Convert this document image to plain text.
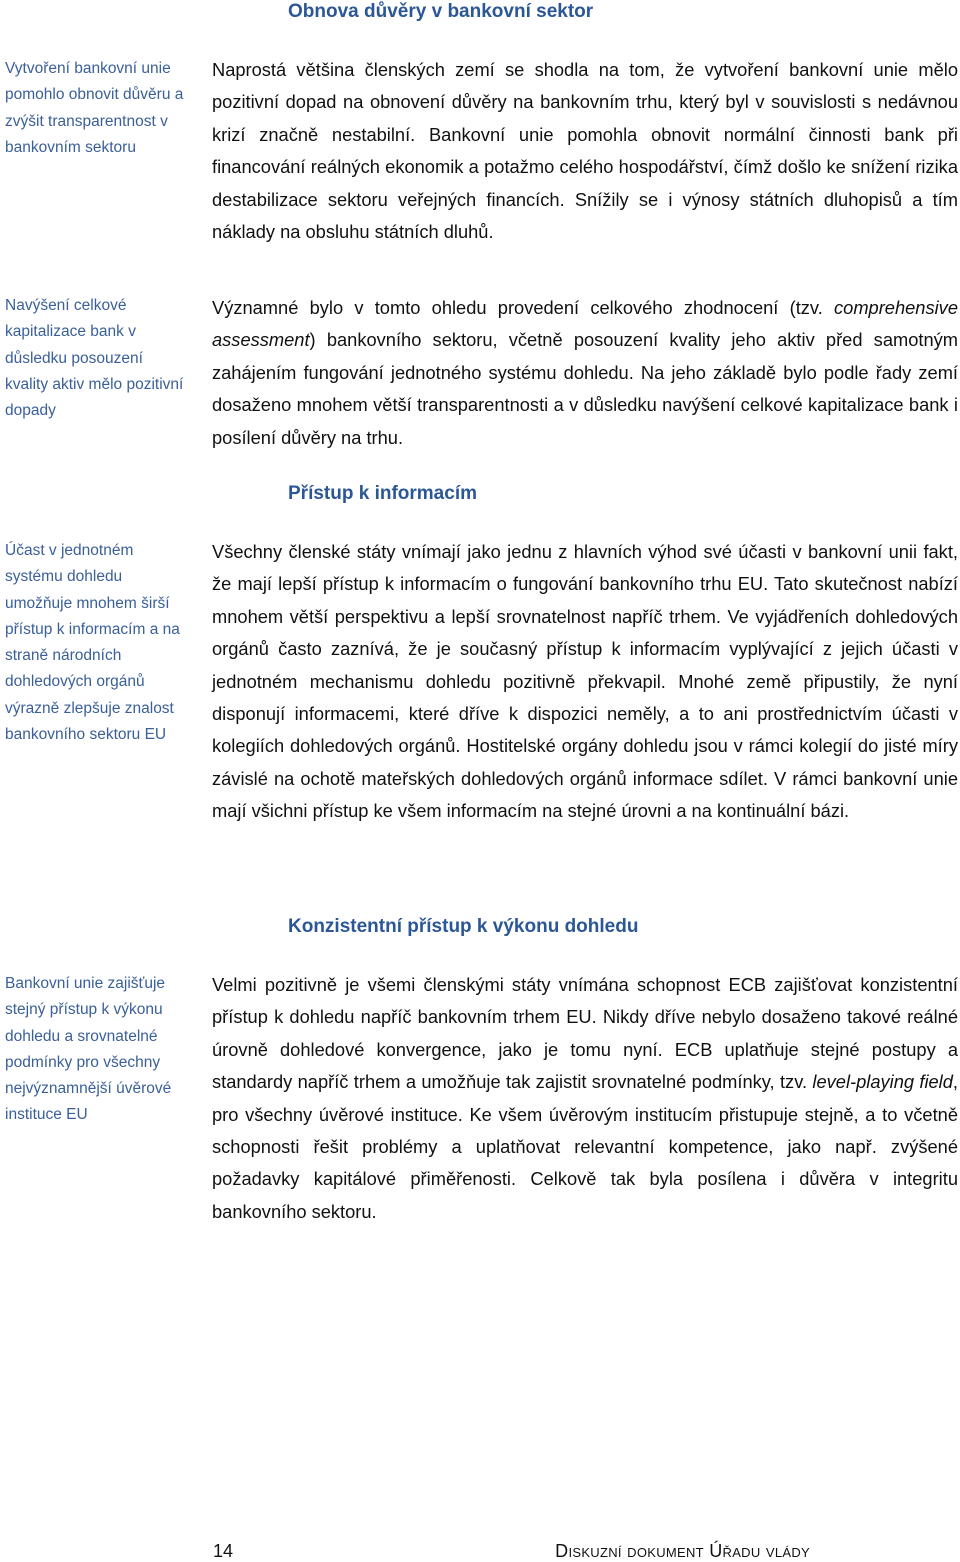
Obnova důvěry v bankovní sektor

Vytvoření bankovní unie pomohlo obnovit důvěru a zvýšit transparentnost v bankovním sektoru

Naprostá většina členských zemí se shodla na tom, že vytvoření bankovní unie mělo pozitivní dopad na obnovení důvěry na bankovním trhu, který byl v souvislosti s nedávnou krizí značně nestabilní. Bankovní unie pomohla obnovit normální činnosti bank při financování reálných ekonomik a potažmo celého hospodářství, čímž došlo ke snížení rizika destabilizace sektoru veřejných financích. Snížily se i výnosy státních dluhopisů a tím náklady na obsluhu státních dluhů.

Navýšení celkové kapitalizace bank v důsledku posouzení kvality aktiv mělo pozitivní dopady

Významné bylo v tomto ohledu provedení celkového zhodnocení (tzv. comprehensive assessment) bankovního sektoru, včetně posouzení kvality jeho aktiv před samotným zahájením fungování jednotného systému dohledu. Na jeho základě bylo podle řady zemí dosaženo mnohem větší transparentnosti a v důsledku navýšení celkové kapitalizace bank i posílení důvěry na trhu.

Přístup k informacím

Účast v jednotném systému dohledu umožňuje mnohem širší přístup k informacím a na straně národních dohledových orgánů výrazně zlepšuje znalost bankovního sektoru EU

Všechny členské státy vnímají jako jednu z hlavních výhod své účasti v bankovní unii fakt, že mají lepší přístup k informacím o fungování bankovního trhu EU. Tato skutečnost nabízí mnohem větší perspektivu a lepší srovnatelnost napříč trhem. Ve vyjádřeních dohledových orgánů často zaznívá, že je současný přístup k informacím vyplývající z jejich účasti v jednotném mechanismu dohledu pozitivně překvapil. Mnohé země připustily, že nyní disponují informacemi, které dříve k dispozici neměly, a to ani prostřednictvím účasti v kolegiích dohledových orgánů. Hostitelské orgány dohledu jsou v rámci kolegií do jisté míry závislé na ochotě mateřských dohledových orgánů informace sdílet. V rámci bankovní unie mají všichni přístup ke všem informacím na stejné úrovni a na kontinuální bázi.

Konzistentní přístup k výkonu dohledu

Bankovní unie zajišťuje stejný přístup k výkonu dohledu a srovnatelné podmínky pro všechny nejvýznamnější úvěrové instituce EU

Velmi pozitivně je všemi členskými státy vnímána schopnost ECB zajišťovat konzistentní přístup k dohledu napříč bankovním trhem EU. Nikdy dříve nebylo dosaženo takové reálné úrovně dohledové konvergence, jako je tomu nyní. ECB uplatňuje stejné postupy a standardy napříč trhem a umožňuje tak zajistit srovnatelné podmínky, tzv. level-playing field, pro všechny úvěrové instituce. Ke všem úvěrovým institucím přistupuje stejně, a to včetně schopnosti řešit problémy a uplatňovat relevantní kompetence, jako např. zvýšené požadavky kapitálové přiměřenosti. Celkově tak byla posílena i důvěra v integritu bankovního sektoru.

14	Diskuzní dokument Úřadu vlády
